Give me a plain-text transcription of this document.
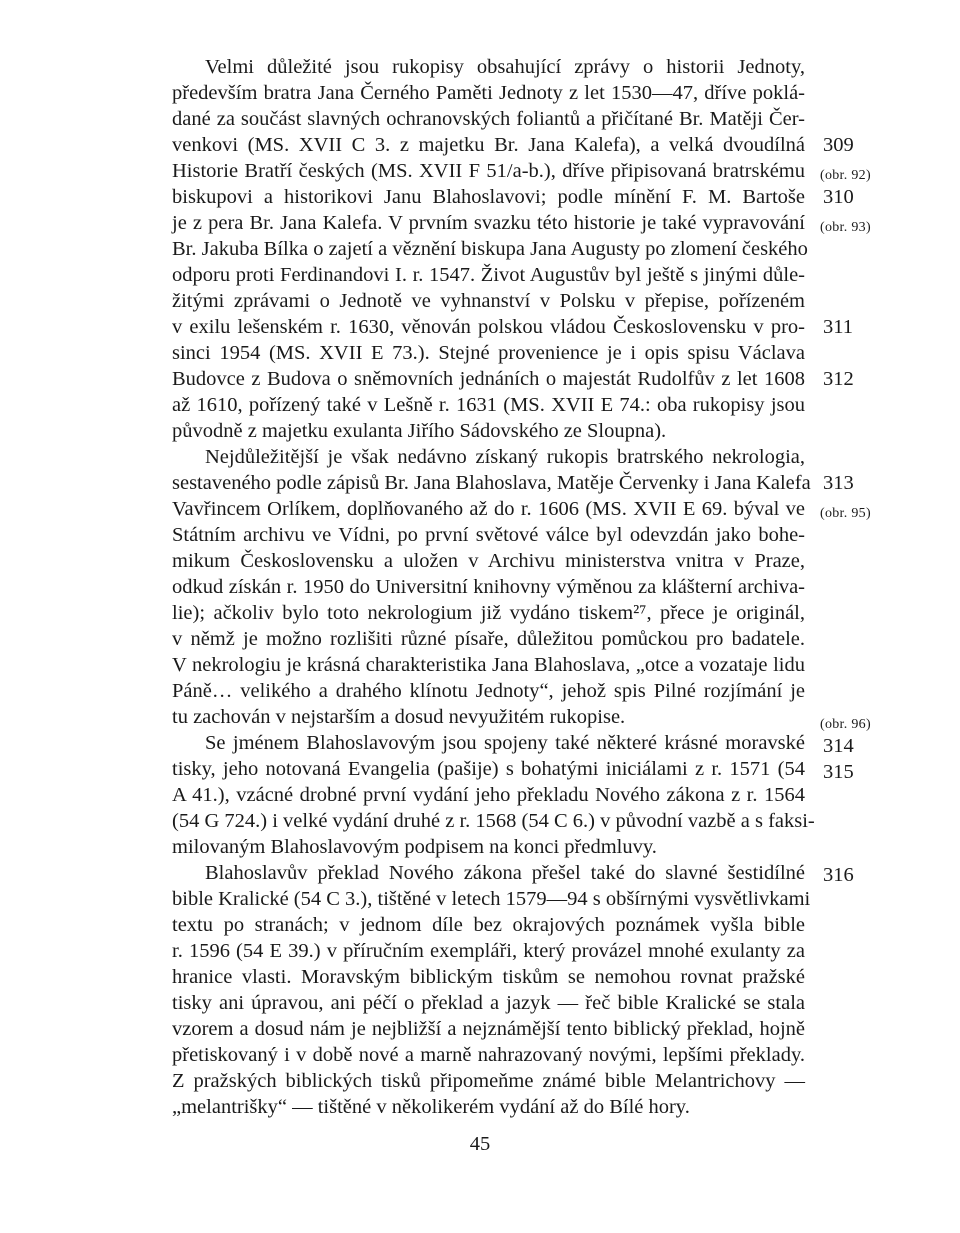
Velmi důležité jsou rukopisy obsahující zprávy o historii Jednoty,
především bratra Jana Černého Paměti Jednoty z let 1530—47, dříve poklá-
dané za součást slavných ochranovských foliantů a přičítané Br. Matěji Čer-
venkovi (MS. XVII C 3. z majetku Br. Jana Kalefa), a velká dvoudílná
Historie Bratří českých (MS. XVII F 51/a-b.), dříve připisovaná bratrskému
biskupovi a historikovi Janu Blahoslavovi; podle mínění F. M. Bartoše
je z pera Br. Jana Kalefa. V prvním svazku této historie je také vypravování
Br. Jakuba Bílka o zajetí a věznění biskupa Jana Augusty po zlomení českého
odporu proti Ferdinandovi I. r. 1547. Život Augustův byl ještě s jinými důle-
žitými zprávami o Jednotě ve vyhnanství v Polsku v přepise, pořízeném
v exilu lešenském r. 1630, věnován polskou vládou Československu v pro-
sinci 1954 (MS. XVII E 73.). Stejné provenience je i opis spisu Václava
Budovce z Budova o sněmovních jednáních o majestát Rudolfův z let 1608
až 1610, pořízený také v Lešně r. 1631 (MS. XVII E 74.: oba rukopisy jsou
původně z majetku exulanta Jiřího Sádovského ze Sloupna).
Nejdůležitější je však nedávno získaný rukopis bratrského nekrologia,
sestaveného podle zápisů Br. Jana Blahoslava, Matěje Červenky i Jana Kalefa
Vavřincem Orlíkem, doplňovaného až do r. 1606 (MS. XVII E 69. býval ve
Státním archivu ve Vídni, po první světové válce byl odevzdán jako bohe-
mikum Československu a uložen v Archivu ministerstva vnitra v Praze,
odkud získán r. 1950 do Universitní knihovny výměnou za klášterní archiva-
lie); ačkoliv bylo toto nekrologium již vydáno tiskem²⁷, přece je originál,
v němž je možno rozlišiti různé písaře, důležitou pomůckou pro badatele.
V nekrologiu je krásná charakteristika Jana Blahoslava, „otce a vozataje lidu
Páně… velikého a drahého klínotu Jednoty“, jehož spis Pilné rozjímání je
tu zachován v nejstarším a dosud nevyužitém rukopise.
Se jménem Blahoslavovým jsou spojeny také některé krásné moravské
tisky, jeho notovaná Evangelia (pašije) s bohatými iniciálami z r. 1571 (54
A 41.), vzácné drobné první vydání jeho překladu Nového zákona z r. 1564
(54 G 724.) i velké vydání druhé z r. 1568 (54 C 6.) v původní vazbě a s faksi-
milovaným Blahoslavovým podpisem na konci předmluvy.
Blahoslavův překlad Nového zákona přešel také do slavné šestidílné
bible Kralické (54 C 3.), tištěné v letech 1579—94 s obšírnými vysvětlivkami
textu po stranách; v jednom díle bez okrajových poznámek vyšla bible
r. 1596 (54 E 39.) v příručním exempláři, který provázel mnohé exulanty za
hranice vlasti. Moravským biblickým tiskům se nemohou rovnat pražské
tisky ani úpravou, ani péčí o překlad a jazyk — řeč bible Kralické se stala
vzorem a dosud nám je nejbližší a nejznámější tento biblický překlad, hojně
přetiskovaný i v době nové a marně nahrazovaný novými, lepšími překlady.
Z pražských biblických tisků připomeňme známé bible Melantrichovy —
„melantrišky“ — tištěné v několikerém vydání až do Bílé hory.
309
(obr. 92)
310
(obr. 93)
311
312
313
(obr. 95)
(obr. 96)
314
315
316
45
